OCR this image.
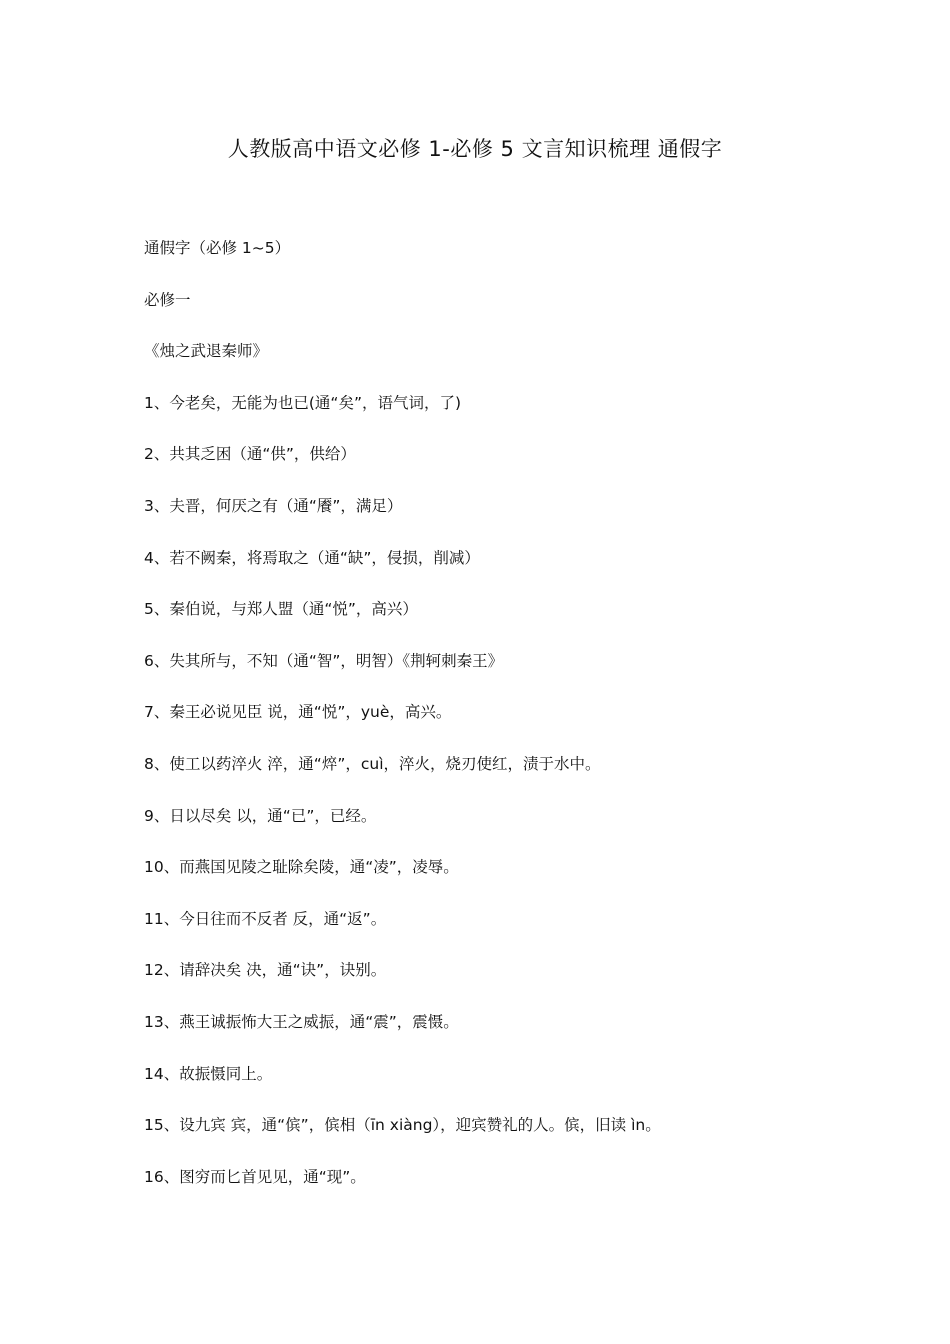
人教版高中语文必修 1-必修 5 文言知识梳理 通假字

通假字（必修 1~5）

必修一

《烛之武退秦师》

1、今老矣，无能为也已(通“矣”，语气词，了)

2、共其乏困（通“供”，供给）

3、夫晋，何厌之有（通“餍”，满足）

4、若不阙秦，将焉取之（通“缺”，侵损，削减）

5、秦伯说，与郑人盟（通“悦”，高兴）

6、失其所与，不知（通“智”，明智）《荆轲刺秦王》

7、秦王必说见臣 说，通“悦”，yuè，高兴。

8、使工以药淬火 淬，通“焠”，cuì，淬火，烧刃使红，渍于水中。

9、日以尽矣 以，通“已”，已经。

10、而燕国见陵之耻除矣陵，通“凌”，凌辱。

11、今日往而不反者 反，通“返”。

12、请辞决矣 决，通“诀”，诀别。

13、燕王诚振怖大王之威振，通“震”，震慑。

14、故振慑同上。

15、设九宾 宾，通“傧”，傧相（īn xiàng），迎宾赞礼的人。傧，旧读 ìn。

16、图穷而匕首见见，通“现”。
